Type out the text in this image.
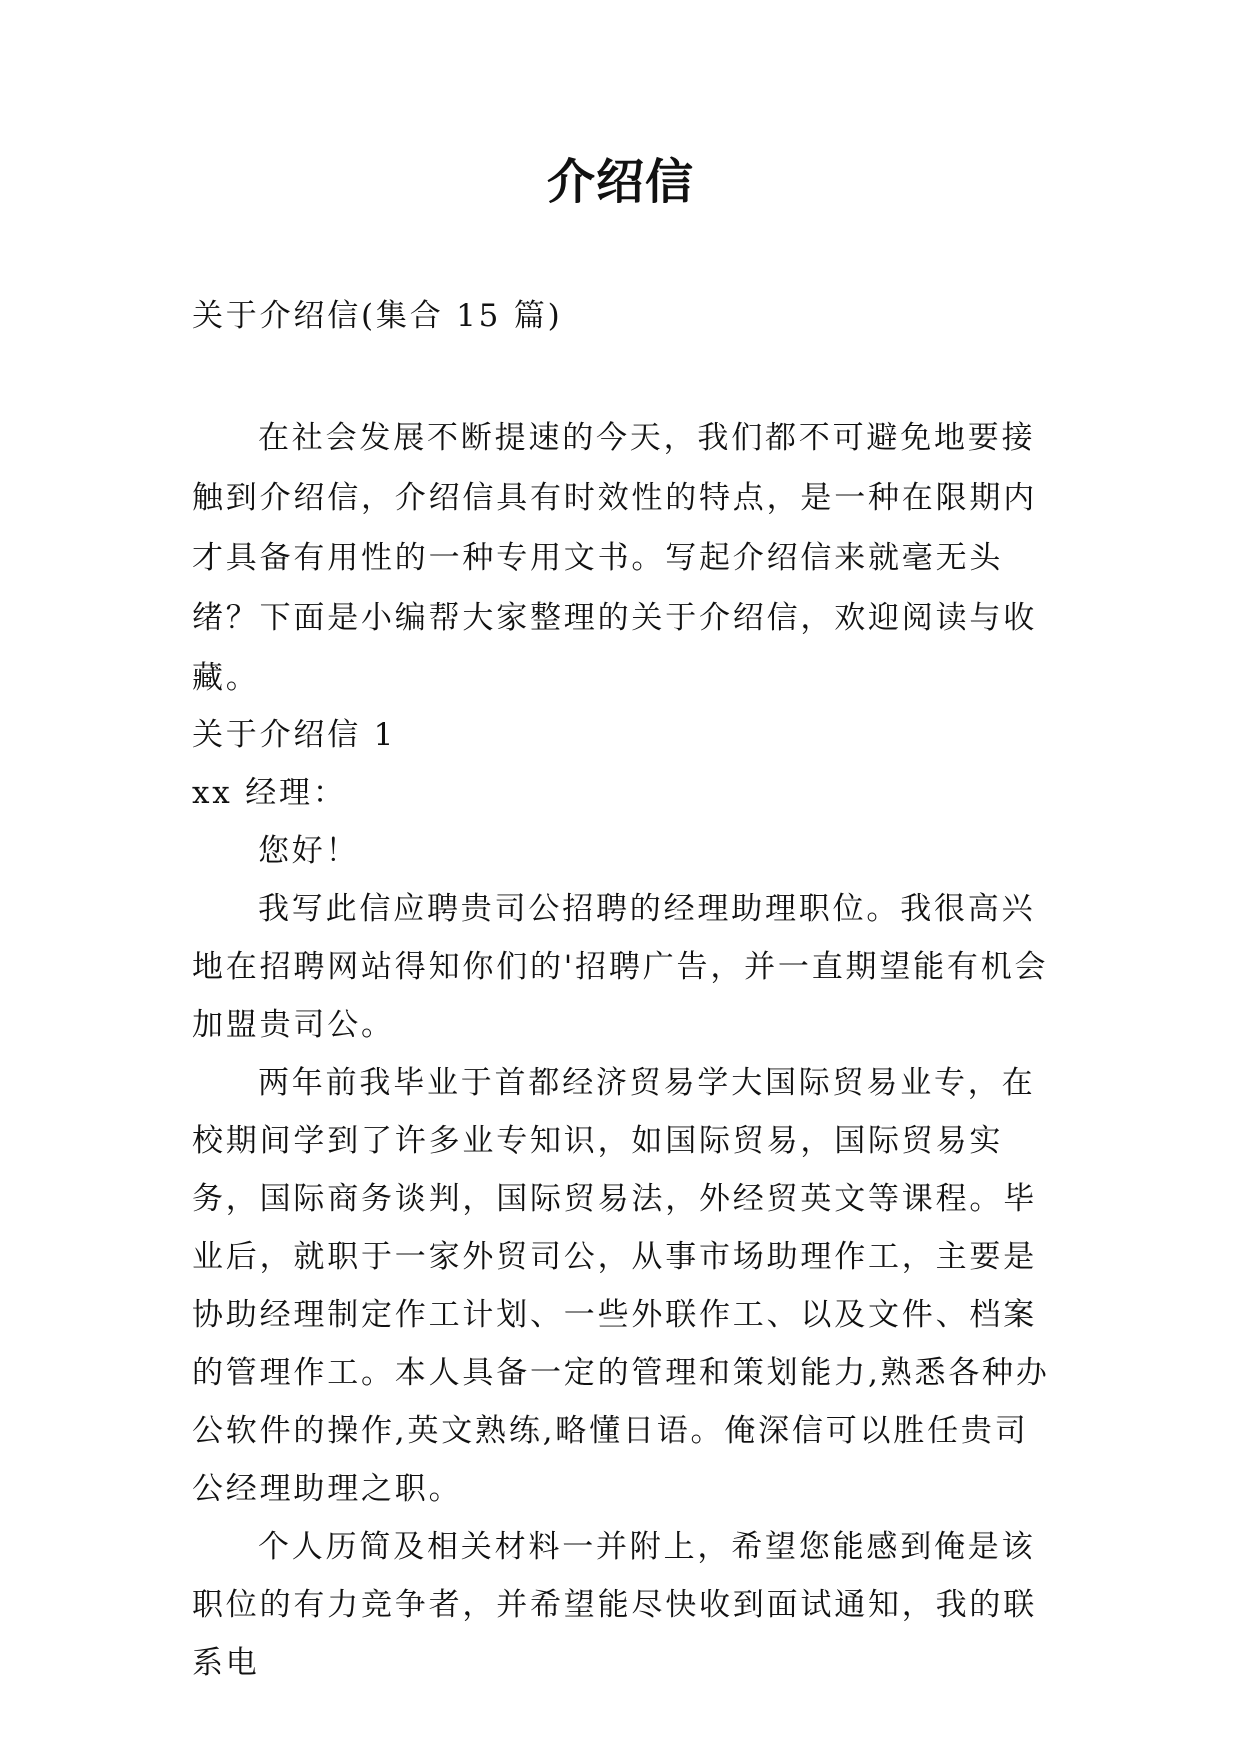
介绍信
关于介绍信(集合 15 篇)

在社会发展不断提速的今天，我们都不可避免地要接触到介绍信，介绍信具有时效性的特点，是一种在限期内才具备有用性的一种专用文书。写起介绍信来就毫无头绪？下面是小编帮大家整理的关于介绍信，欢迎阅读与收藏。

关于介绍信 1

xx 经理：

您好！

我写此信应聘贵司公招聘的经理助理职位。我很高兴地在招聘网站得知你们的'招聘广告，并一直期望能有机会加盟贵司公。

两年前我毕业于首都经济贸易学大国际贸易业专，在校期间学到了许多业专知识，如国际贸易，国际贸易实务，国际商务谈判，国际贸易法，外经贸英文等课程。毕业后，就职于一家外贸司公，从事市场助理作工，主要是协助经理制定作工计划、一些外联作工、以及文件、档案的管理作工。本人具备一定的管理和策划能力,熟悉各种办公软件的操作,英文熟练,略懂日语。俺深信可以胜任贵司公经理助理之职。

个人历简及相关材料一并附上，希望您能感到俺是该职位的有力竞争者，并希望能尽快收到面试通知，我的联系电
